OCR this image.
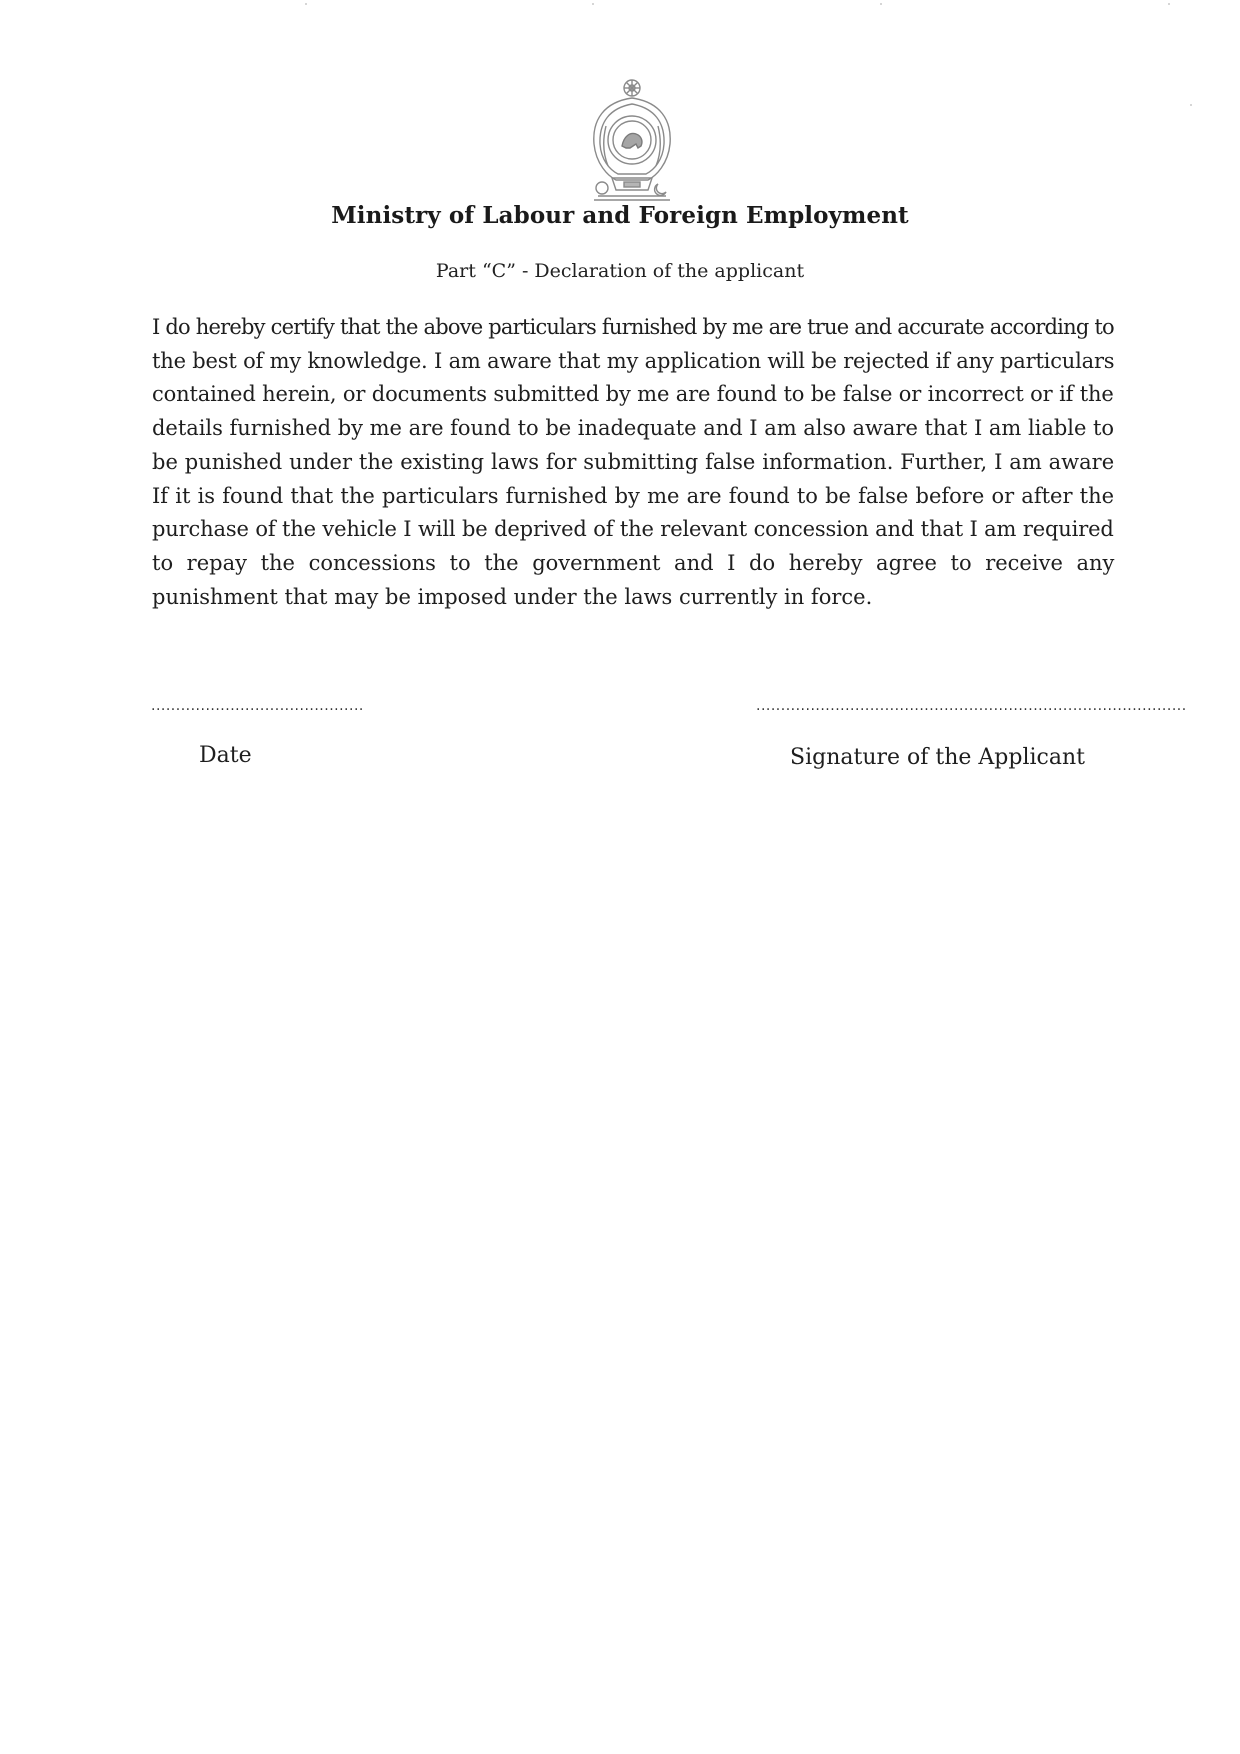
Ministry of Labour and Foreign Employment
Part “C” - Declaration of the applicant
I do hereby certify that the above particulars furnished by me are true and accurate according to
the best of my knowledge. I am aware that my application will be rejected if any particulars
contained herein, or documents submitted by me are found to be false or incorrect or if the
details furnished by me are found to be inadequate and I am also aware that I am liable to
be punished under the existing laws for submitting false information. Further, I am aware
If it is found that the particulars furnished by me are found to be false before or after the
purchase of the vehicle I will be deprived of the relevant concession and that I am required
to repay the concessions to the government and I do hereby agree to receive any
punishment that may be imposed under the laws currently in force.
...........................................	.......................................................................................
Date	Signature of the Applicant
